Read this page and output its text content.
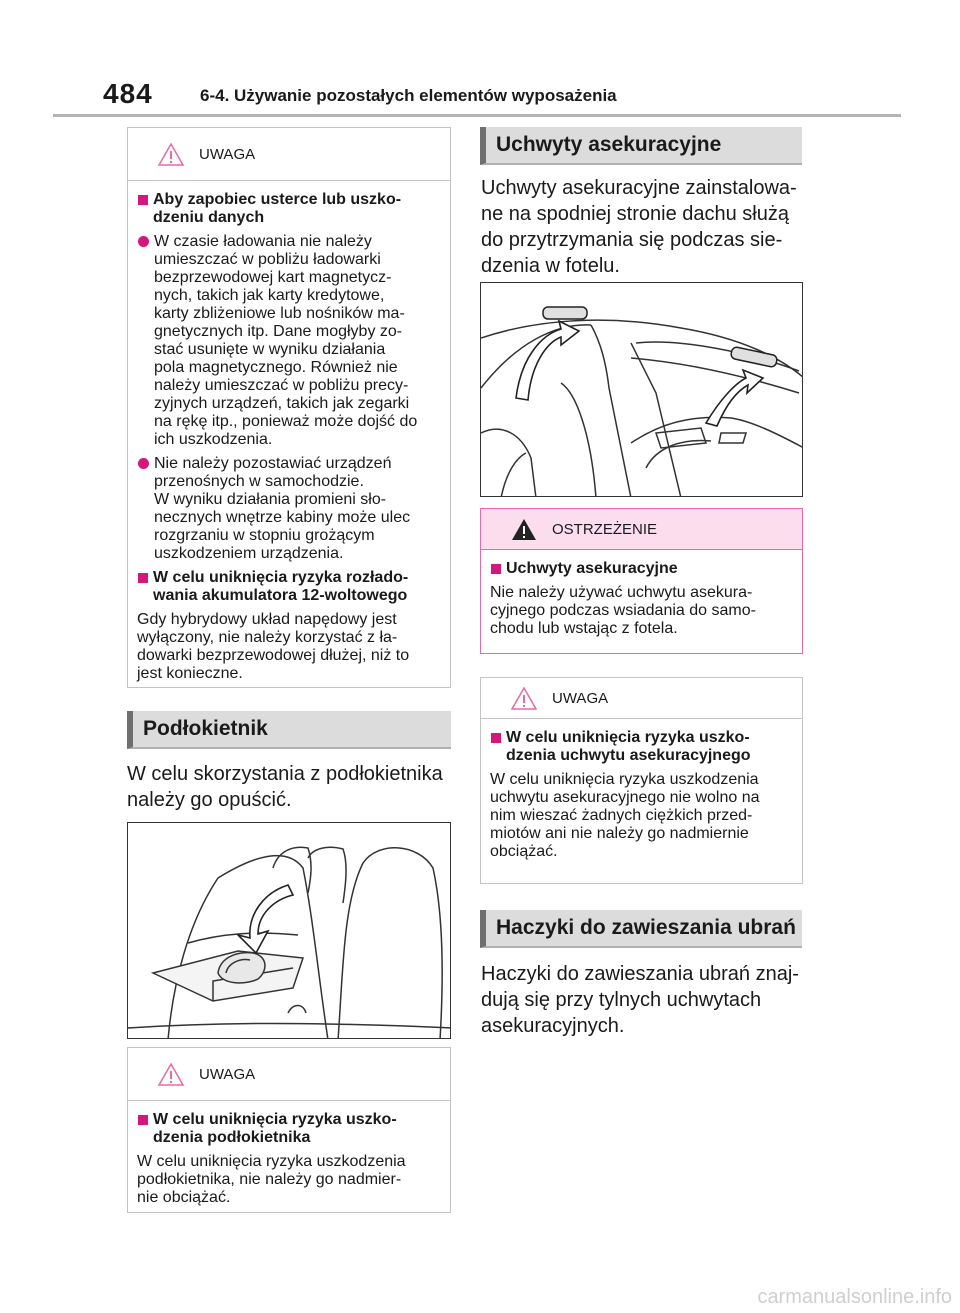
484	6-4. Używanie pozostałych elementów wyposażenia
UWAGA
Aby zapobiec usterce lub uszko-
dzeniu danych
W czasie ładowania nie należy
umieszczać w pobliżu ładowarki
bezprzewodowej kart magnetycz-
nych, takich jak karty kredytowe,
karty zbliżeniowe lub nośników ma-
gnetycznych itp. Dane mogłyby zo-
stać usunięte w wyniku działania
pola magnetycznego. Również nie
należy umieszczać w pobliżu precy-
zyjnych urządzeń, takich jak zegarki
na rękę itp., ponieważ może dojść do
ich uszkodzenia.
Nie należy pozostawiać urządzeń
przenośnych w samochodzie.
W wyniku działania promieni sło-
necznych wnętrze kabiny może ulec
rozgrzaniu w stopniu grożącym
uszkodzeniem urządzenia.
W celu uniknięcia ryzyka rozłado-
wania akumulatora 12-woltowego
Gdy hybrydowy układ napędowy jest
wyłączony, nie należy korzystać z ła-
dowarki bezprzewodowej dłużej, niż to
jest konieczne.
Podłokietnik
W celu skorzystania z podłokietnika
należy go opuścić.
UWAGA
W celu uniknięcia ryzyka uszko-
dzenia podłokietnika
W celu uniknięcia ryzyka uszkodzenia
podłokietnika, nie należy go nadmier-
nie obciążać.
Uchwyty asekuracyjne
Uchwyty asekuracyjne zainstalowa-
ne na spodniej stronie dachu służą
do przytrzymania się podczas sie-
dzenia w fotelu.
OSTRZEŻENIE
Uchwyty asekuracyjne
Nie należy używać uchwytu asekura-
cyjnego podczas wsiadania do samo-
chodu lub wstając z fotela.
UWAGA
W celu uniknięcia ryzyka uszko-
dzenia uchwytu asekuracyjnego
W celu uniknięcia ryzyka uszkodzenia
uchwytu asekuracyjnego nie wolno na
nim wieszać żadnych ciężkich przed-
miotów ani nie należy go nadmiernie
obciążać.
Haczyki do zawieszania ubrań
Haczyki do zawieszania ubrań znaj-
dują się przy tylnych uchwytach
asekuracyjnych.
carmanualsonline.info
